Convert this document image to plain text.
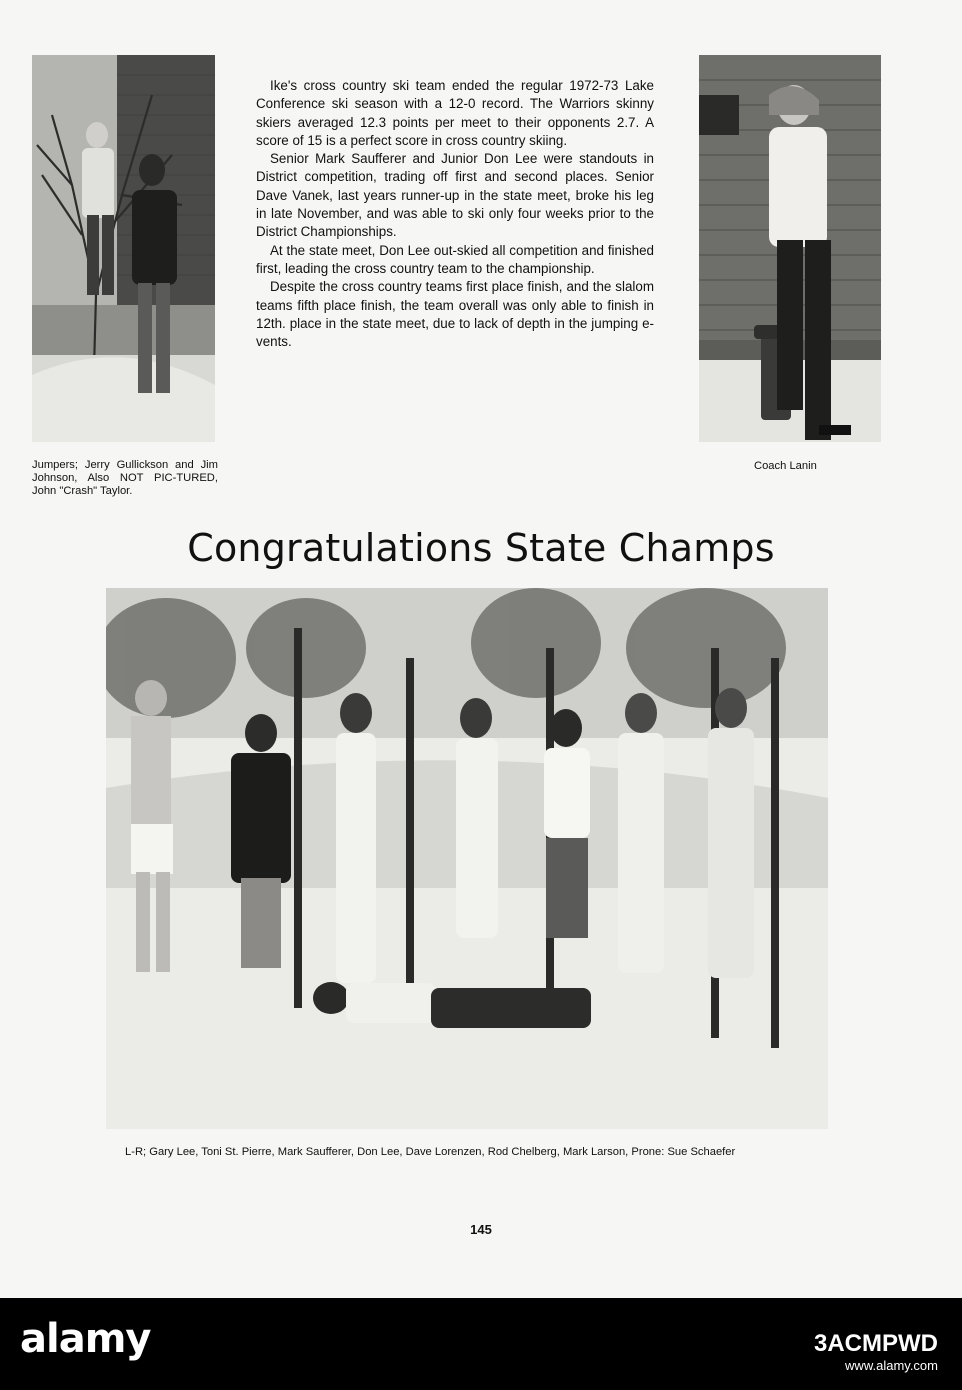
Ike's cross country ski team ended the regular 1972-73 Lake Conference ski season with a 12-0 record. The Warriors skinny skiers averaged 12.3 points per meet to their opponents 2.7. A score of 15 is a perfect score in cross country skiing.

Senior Mark Saufferer and Junior Don Lee were standouts in District competition, trading off first and second places. Senior Dave Vanek, last years runner-up in the state meet, broke his leg in late November, and was able to ski only four weeks prior to the District Championships.

At the state meet, Don Lee out-skied all competition and finished first, leading the cross country team to the championship.

Despite the cross country teams first place finish, and the slalom teams fifth place finish, the team overall was only able to finish in 12th. place in the state meet, due to lack of depth in the jumping e-vents.

Jumpers; Jerry Gullickson and Jim Johnson, Also NOT PIC-TURED, John "Crash" Taylor.
Coach Lanin
Congratulations State Champs
L-R; Gary Lee, Toni St. Pierre, Mark Saufferer, Don Lee, Dave Lorenzen, Rod Chelberg, Mark Larson, Prone: Sue Schaefer
145
alamy	3ACMPWD
www.alamy.com
